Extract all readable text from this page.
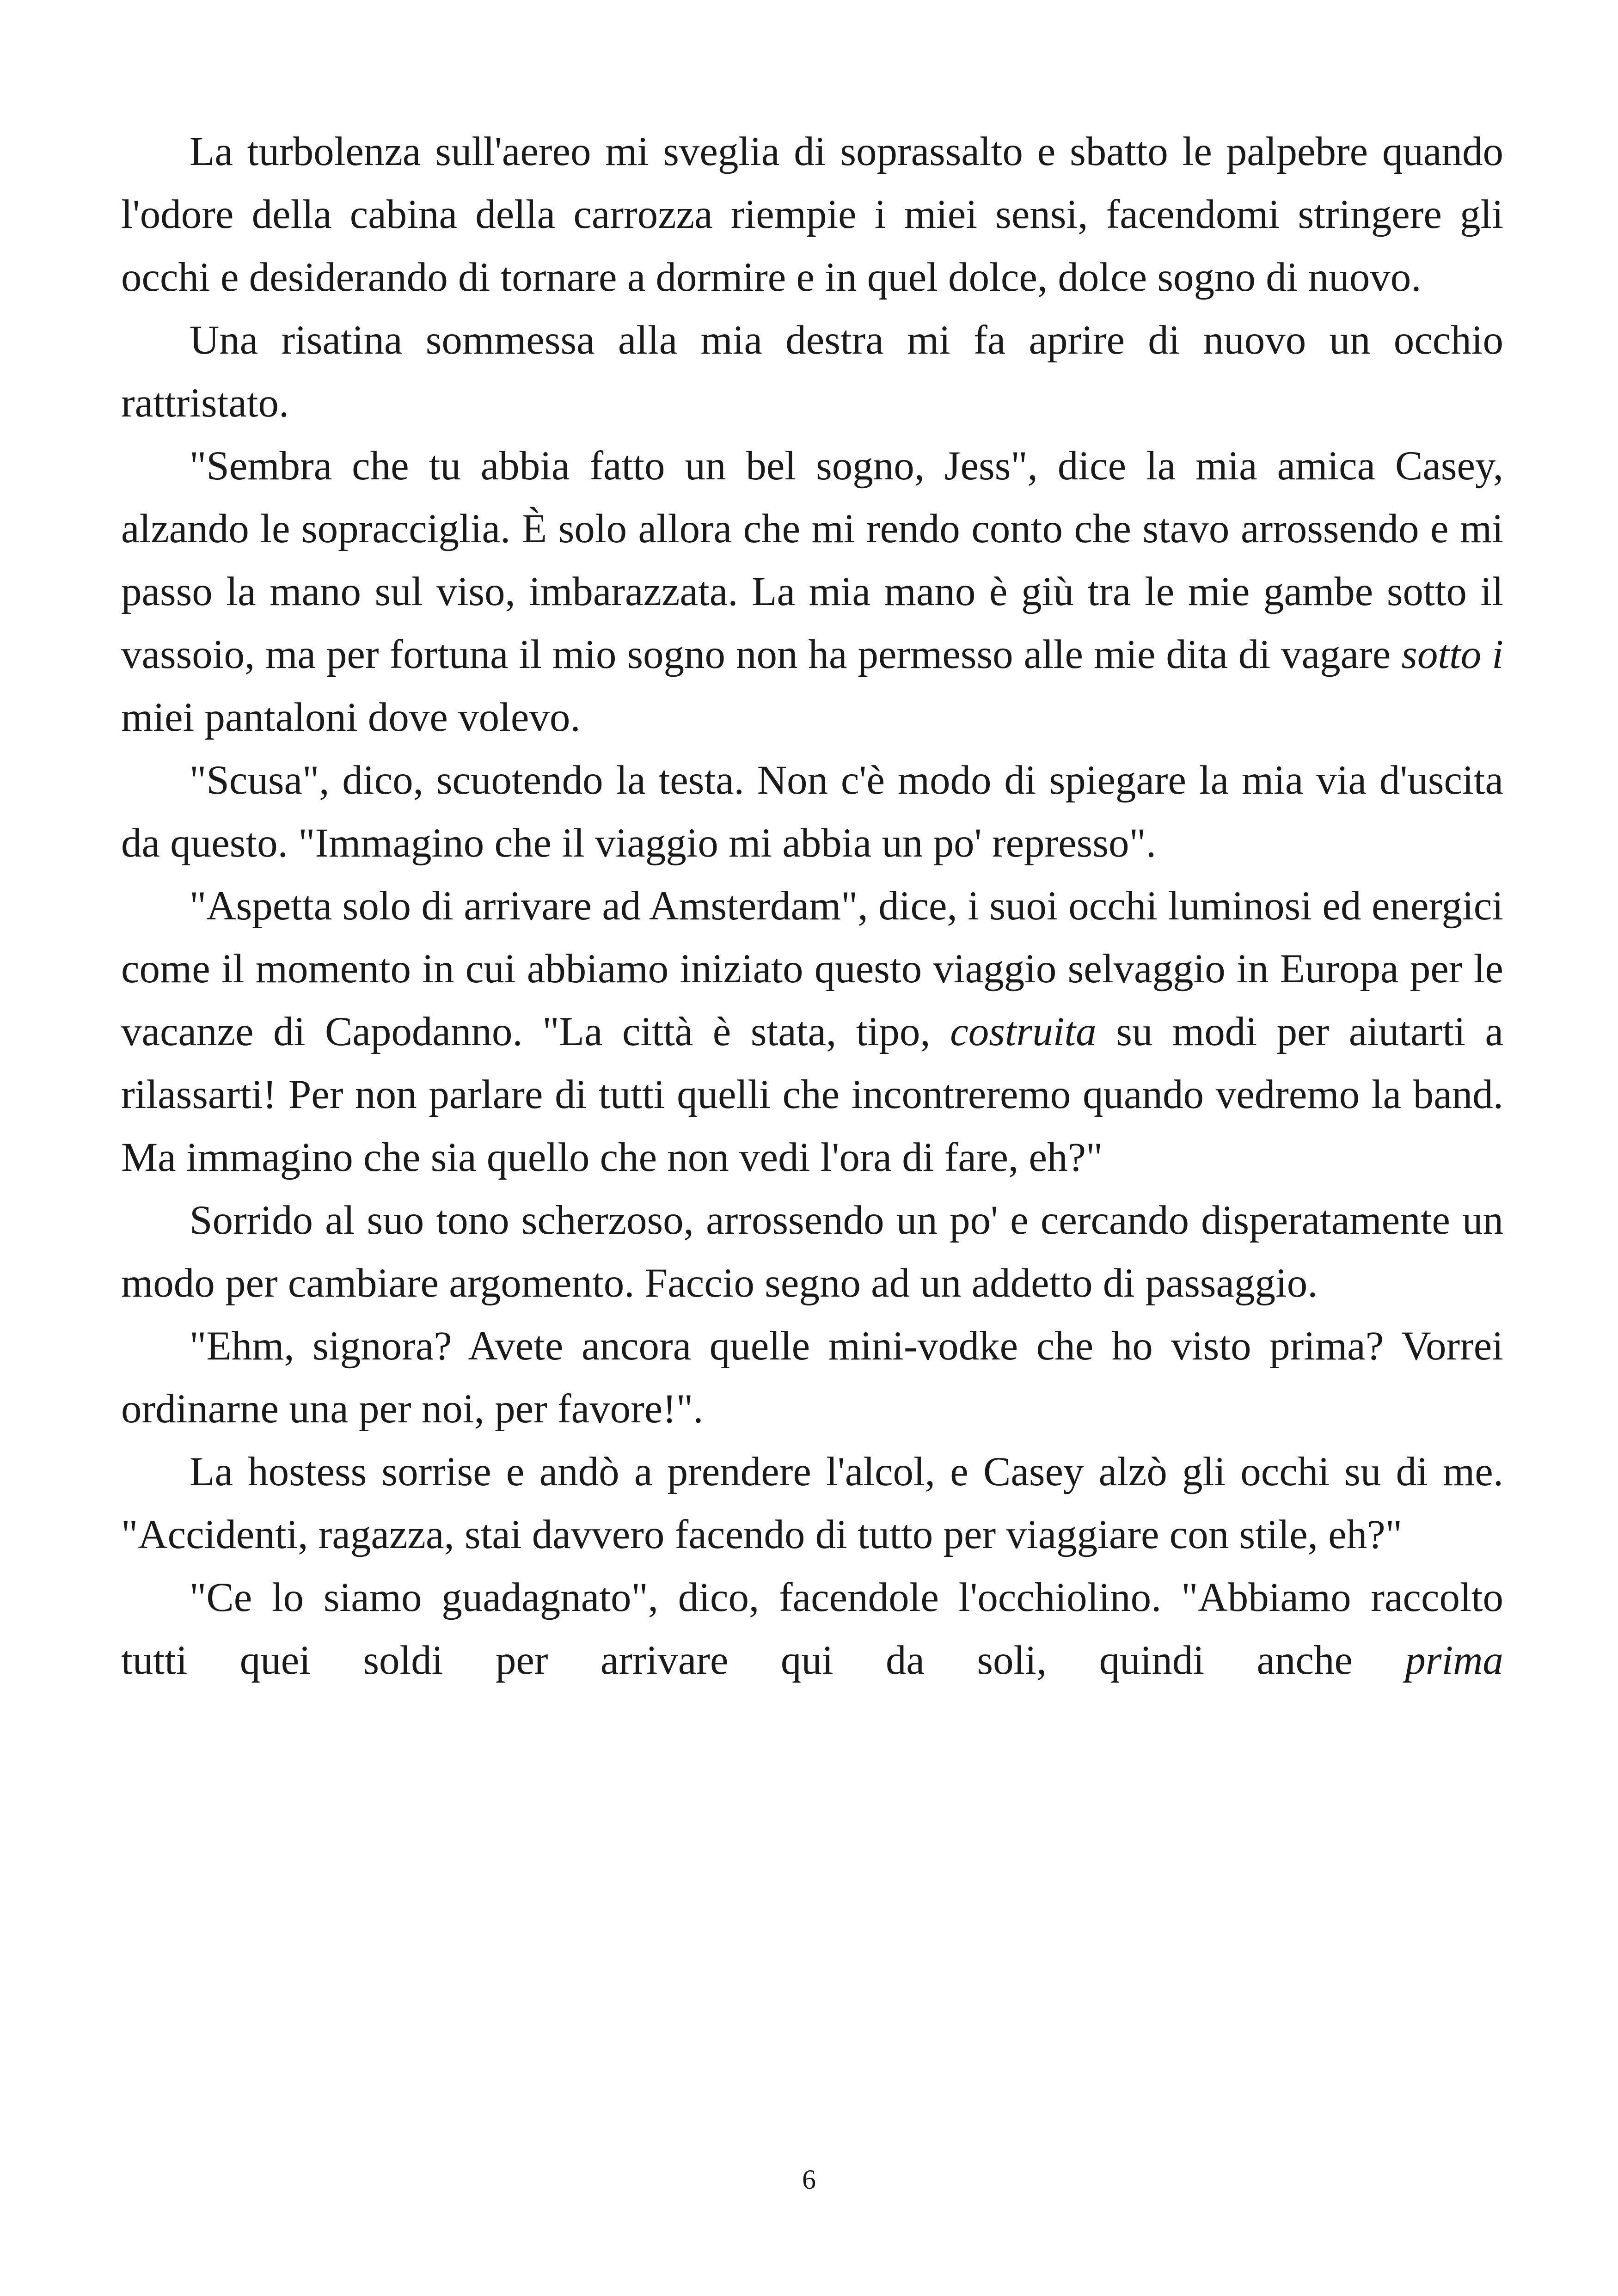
La turbolenza sull'aereo mi sveglia di soprassalto e sbatto le palpebre quando l'odore della cabina della carrozza riempie i miei sensi, facendomi stringere gli occhi e desiderando di tornare a dormire e in quel dolce, dolce sogno di nuovo.

Una risatina sommessa alla mia destra mi fa aprire di nuovo un occhio rattristato.

"Sembra che tu abbia fatto un bel sogno, Jess", dice la mia amica Casey, alzando le sopracciglia. È solo allora che mi rendo conto che stavo arrossendo e mi passo la mano sul viso, imbarazzata. La mia mano è giù tra le mie gambe sotto il vassoio, ma per fortuna il mio sogno non ha permesso alle mie dita di vagare sotto i miei pantaloni dove volevo.

"Scusa", dico, scuotendo la testa. Non c'è modo di spiegare la mia via d'uscita da questo. "Immagino che il viaggio mi abbia un po' represso".

"Aspetta solo di arrivare ad Amsterdam", dice, i suoi occhi luminosi ed energici come il momento in cui abbiamo iniziato questo viaggio selvaggio in Europa per le vacanze di Capodanno. "La città è stata, tipo, costruita su modi per aiutarti a rilassarti! Per non parlare di tutti quelli che incontreremo quando vedremo la band. Ma immagino che sia quello che non vedi l'ora di fare, eh?"

Sorrido al suo tono scherzoso, arrossendo un po' e cercando disperatamente un modo per cambiare argomento. Faccio segno ad un addetto di passaggio.

"Ehm, signora? Avete ancora quelle mini-vodke che ho visto prima? Vorrei ordinarne una per noi, per favore!".

La hostess sorrise e andò a prendere l'alcol, e Casey alzò gli occhi su di me. "Accidenti, ragazza, stai davvero facendo di tutto per viaggiare con stile, eh?"

"Ce lo siamo guadagnato", dico, facendole l'occhiolino. "Abbiamo raccolto tutti quei soldi per arrivare qui da soli, quindi anche prima

6
